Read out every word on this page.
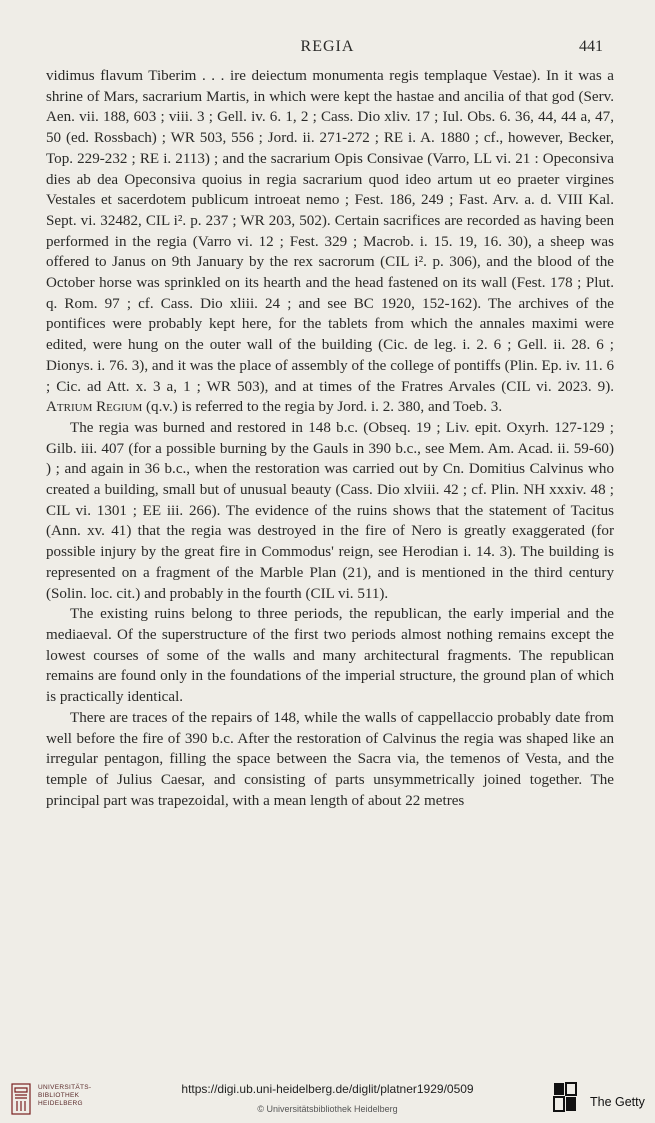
REGIA	441

vidimus flavum Tiberim . . . ire deiectum monumenta regis templaque Vestae). In it was a shrine of Mars, sacrarium Martis, in which were kept the hastae and ancilia of that god (Serv. Aen. vii. 188, 603 ; viii. 3 ; Gell. iv. 6. 1, 2 ; Cass. Dio xliv. 17 ; Iul. Obs. 6. 36, 44, 44 a, 47, 50 (ed. Rossbach) ; WR 503, 556 ; Jord. ii. 271-272 ; RE i. A. 1880 ; cf., however, Becker, Top. 229-232 ; RE i. 2113) ; and the sacrarium Opis Consivae (Varro, LL vi. 21 : Opeconsiva dies ab dea Opeconsiva quoius in regia sacrarium quod ideo artum ut eo praeter virgines Vestales et sacerdotem publicum introeat nemo ; Fest. 186, 249 ; Fast. Arv. a. d. VIII Kal. Sept. vi. 32482, CIL i². p. 237 ; WR 203, 502). Certain sacrifices are recorded as having been performed in the regia (Varro vi. 12 ; Fest. 329 ; Macrob. i. 15. 19, 16. 30), a sheep was offered to Janus on 9th January by the rex sacrorum (CIL i². p. 306), and the blood of the October horse was sprinkled on its hearth and the head fastened on its wall (Fest. 178 ; Plut. q. Rom. 97 ; cf. Cass. Dio xliii. 24 ; and see BC 1920, 152-162). The archives of the pontifices were probably kept here, for the tablets from which the annales maximi were edited, were hung on the outer wall of the building (Cic. de leg. i. 2. 6 ; Gell. ii. 28. 6 ; Dionys. i. 76. 3), and it was the place of assembly of the college of pontiffs (Plin. Ep. iv. 11. 6 ; Cic. ad Att. x. 3 a, 1 ; WR 503), and at times of the Fratres Arvales (CIL vi. 2023. 9). Atrium Regium (q.v.) is referred to the regia by Jord. i. 2. 380, and Toeb. 3.

The regia was burned and restored in 148 b.c. (Obseq. 19 ; Liv. epit. Oxyrh. 127-129 ; Gilb. iii. 407 (for a possible burning by the Gauls in 390 b.c., see Mem. Am. Acad. ii. 59-60) ) ; and again in 36 b.c., when the restoration was carried out by Cn. Domitius Calvinus who created a building, small but of unusual beauty (Cass. Dio xlviii. 42 ; cf. Plin. NH xxxiv. 48 ; CIL vi. 1301 ; EE iii. 266). The evidence of the ruins shows that the statement of Tacitus (Ann. xv. 41) that the regia was destroyed in the fire of Nero is greatly exaggerated (for possible injury by the great fire in Commodus' reign, see Herodian i. 14. 3). The building is represented on a fragment of the Marble Plan (21), and is mentioned in the third century (Solin. loc. cit.) and probably in the fourth (CIL vi. 511).

The existing ruins belong to three periods, the republican, the early imperial and the mediaeval. Of the superstructure of the first two periods almost nothing remains except the lowest courses of some of the walls and many architectural fragments. The republican remains are found only in the foundations of the imperial structure, the ground plan of which is practically identical.

There are traces of the repairs of 148, while the walls of cappellaccio probably date from well before the fire of 390 b.c. After the restoration of Calvinus the regia was shaped like an irregular pentagon, filling the space between the Sacra via, the temenos of Vesta, and the temple of Julius Caesar, and consisting of parts unsymmetrically joined together. The principal part was trapezoidal, with a mean length of about 22 metres

UNIVERSITÄTS-
BIBLIOTHEK
HEIDELBERG
https://digi.ub.uni-heidelberg.de/diglit/platner1929/0509
© Universitätsbibliothek Heidelberg	The Getty
